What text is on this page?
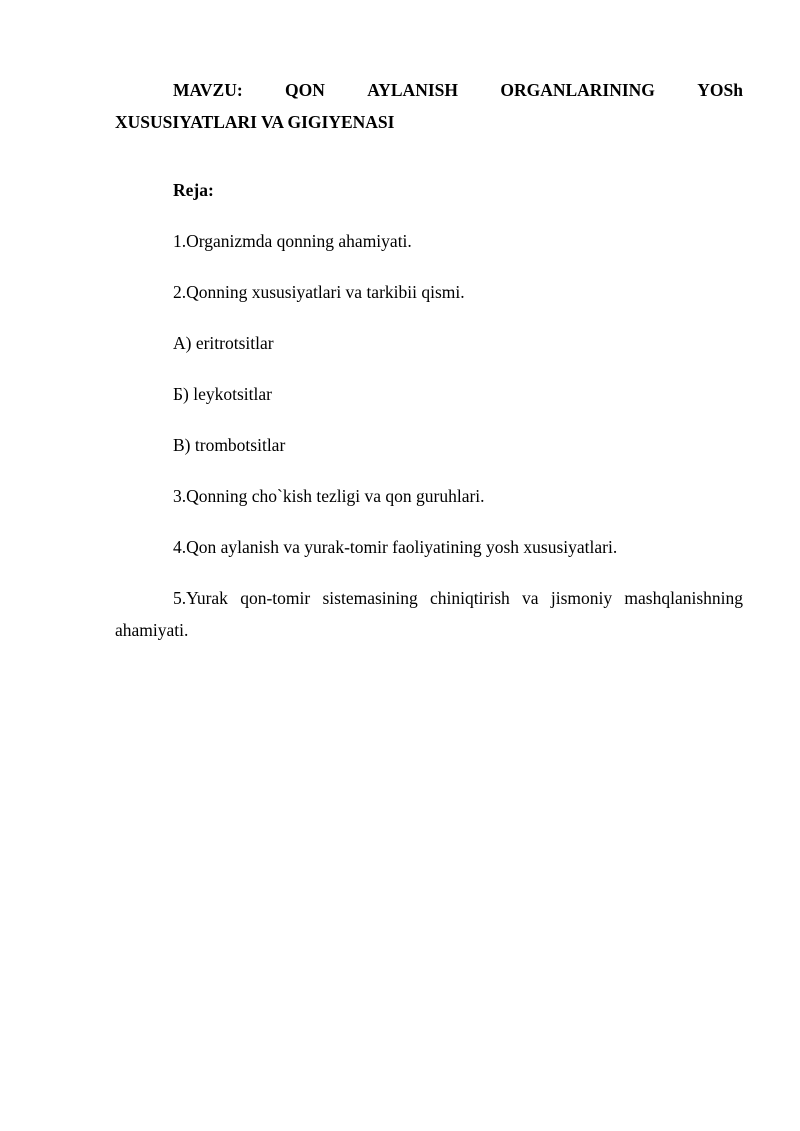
MAVZU: QON AYLANISH ORGANLARINING YOSh
XUSUSIYATLARI VA GIGIYENASI
Reja:
1.Organizmda qonning ahamiyati.
2.Qonning xususiyatlari va tarkibii qismi.
A) eritrotsitlar
Б) leykotsitlar
B) trombotsitlar
3.Qonning cho`kish tezligi va qon guruhlari.
4.Qon aylanish va yurak-tomir faoliyatining yosh xususiyatlari.
5.Yurak qon-tomir sistemasining chiniqtirish va jismoniy mashqlanishning ahamiyati.
